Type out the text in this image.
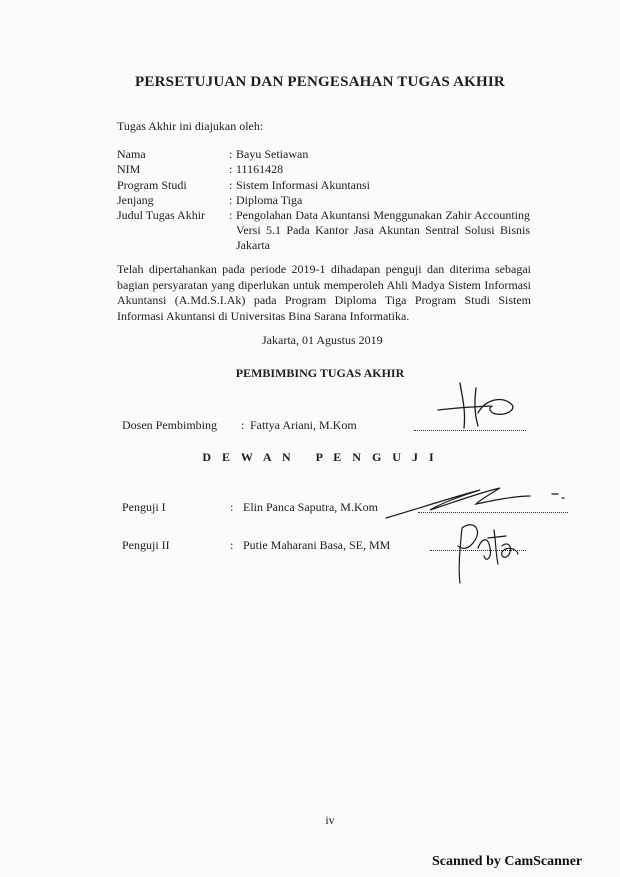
PERSETUJUAN DAN PENGESAHAN TUGAS AKHIR
Tugas Akhir ini diajukan oleh:
Nama	: Bayu Setiawan
NIM	: 11161428
Program Studi	: Sistem Informasi Akuntansi
Jenjang	: Diploma Tiga
Judul Tugas Akhir : Pengolahan Data Akuntansi Menggunakan Zahir Accounting Versi 5.1 Pada Kantor Jasa Akuntan Sentral Solusi Bisnis Jakarta
Telah dipertahankan pada periode 2019-1 dihadapan penguji dan diterima sebagai bagian persyaratan yang diperlukan untuk memperoleh Ahli Madya Sistem Informasi Akuntansi (A.Md.S.I.Ak) pada Program Diploma Tiga Program Studi Sistem Informasi Akuntansi di Universitas Bina Sarana Informatika.
Jakarta, 01 Agustus 2019
PEMBIMBING TUGAS AKHIR
Dosen Pembimbing : Fattya Ariani, M.Kom
D E W A N   P E N G U J I
Penguji I	: Elin Panca Saputra, M.Kom
Penguji II	: Putie Maharani Basa, SE, MM
iv
Scanned by CamScanner
